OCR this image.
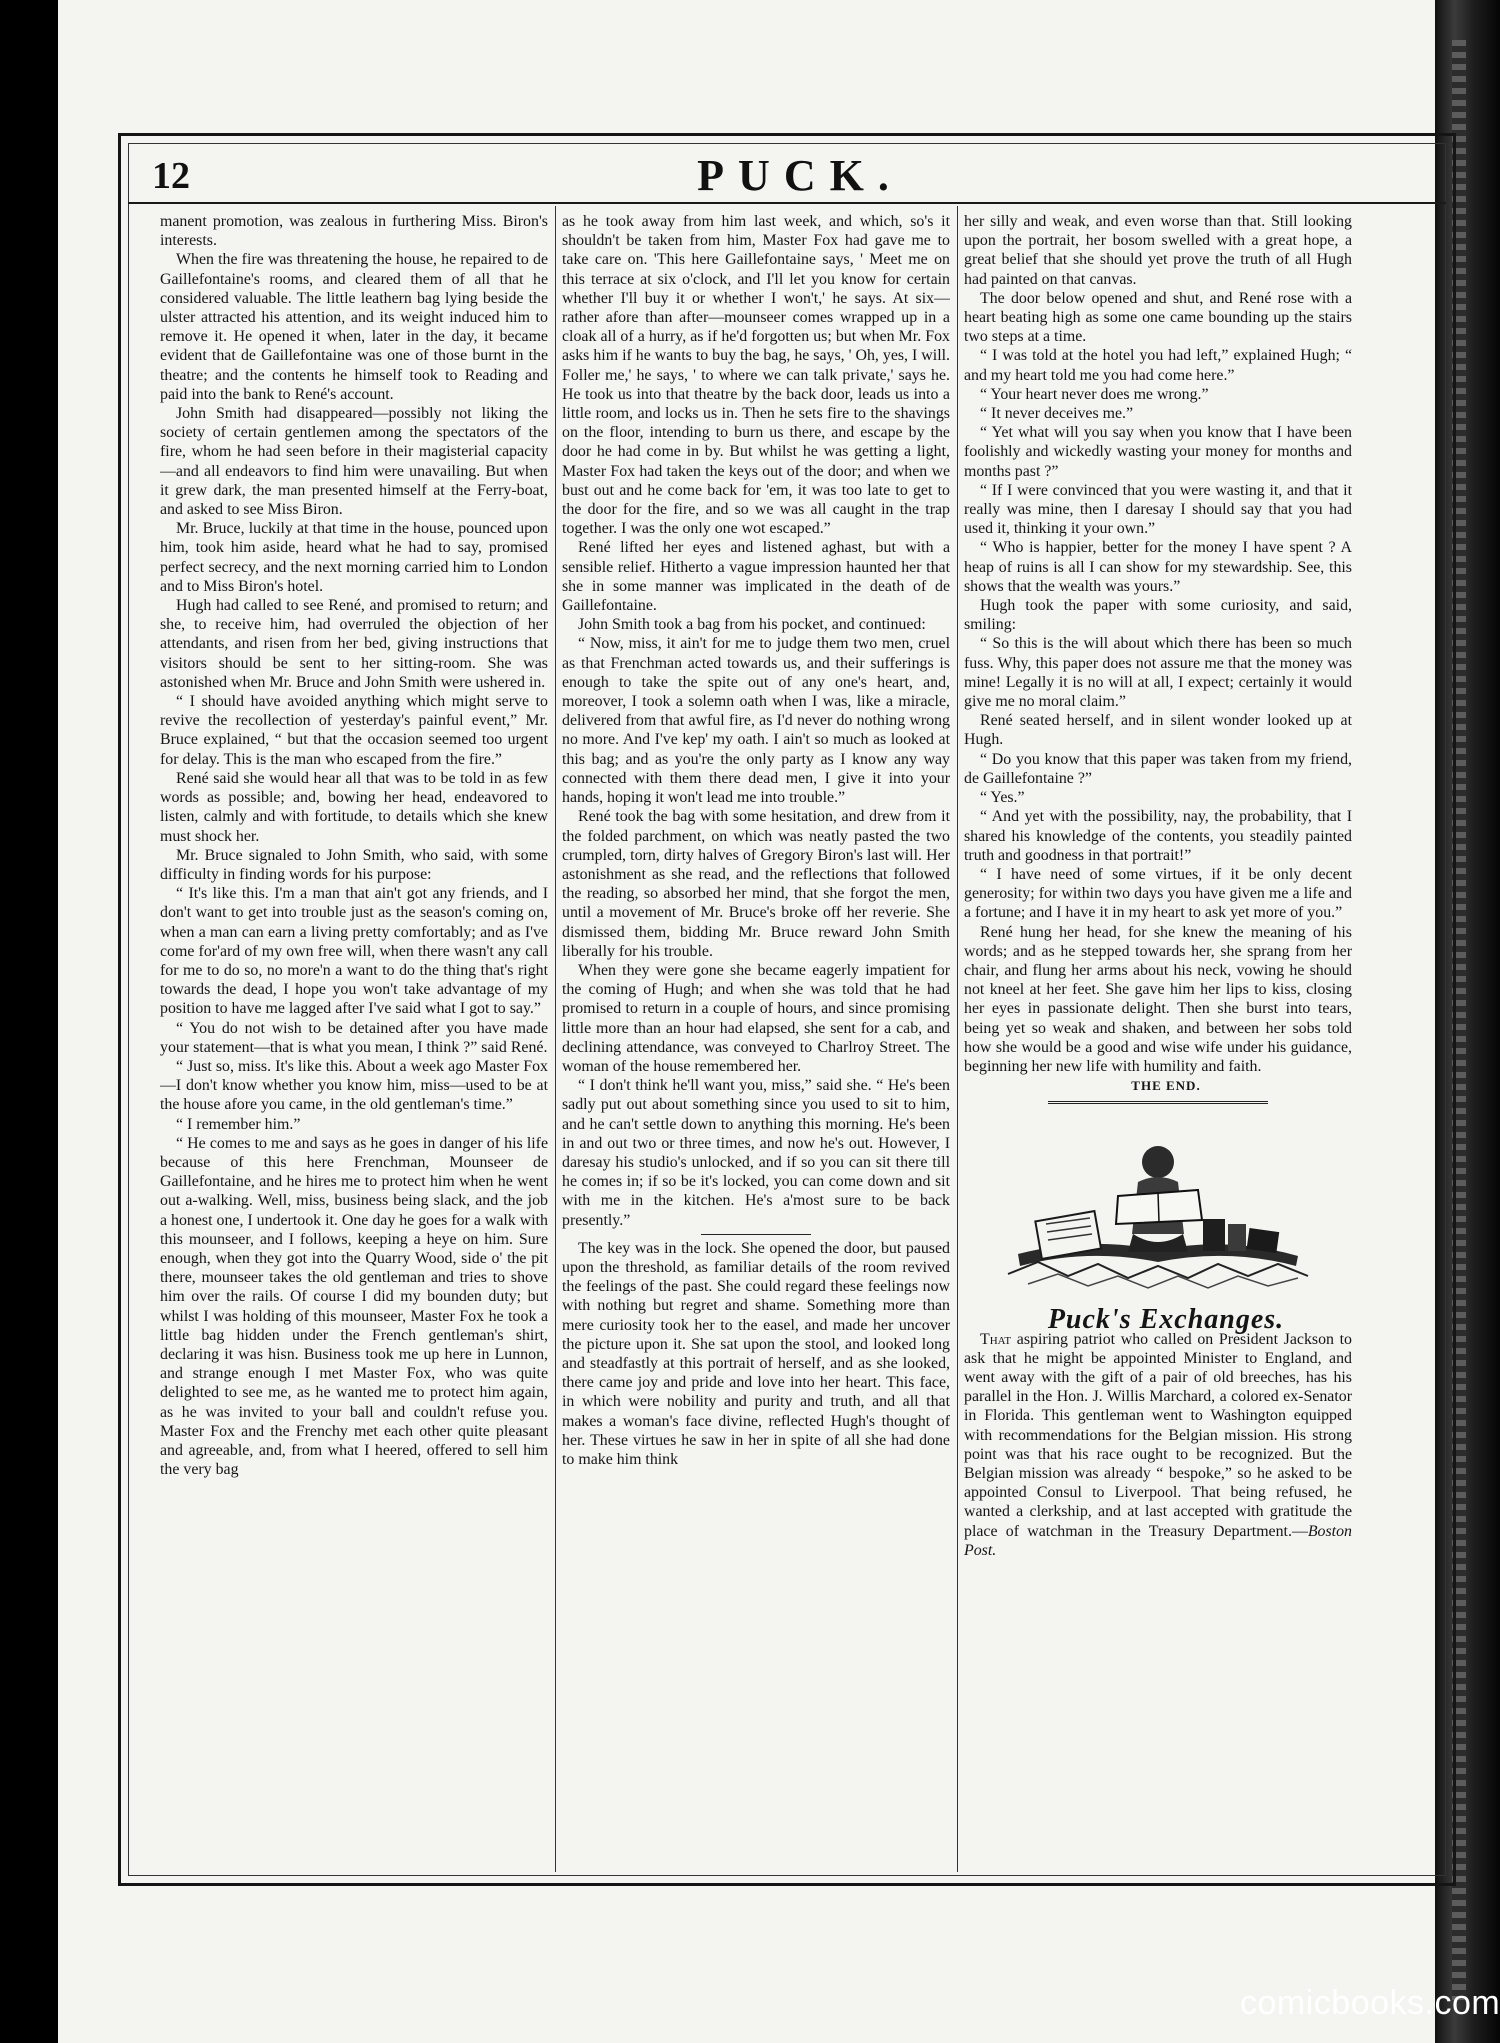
12	PUCK.

manent promotion, was zealous in furthering Miss. Biron's interests.

When the fire was threatening the house, he repaired to de Gaillefontaine's rooms, and cleared them of all that he considered valuable. The little leathern bag lying beside the ulster attracted his attention, and its weight induced him to remove it. He opened it when, later in the day, it became evident that de Gaillefontaine was one of those burnt in the theatre; and the contents he himself took to Reading and paid into the bank to René's account.

John Smith had disappeared—possibly not liking the society of certain gentlemen among the spectators of the fire, whom he had seen before in their magisterial capacity—and all endeavors to find him were unavailing. But when it grew dark, the man presented himself at the Ferry-boat, and asked to see Miss Biron.

Mr. Bruce, luckily at that time in the house, pounced upon him, took him aside, heard what he had to say, promised perfect secrecy, and the next morning carried him to London and to Miss Biron's hotel.

Hugh had called to see René, and promised to return; and she, to receive him, had overruled the objection of her attendants, and risen from her bed, giving instructions that visitors should be sent to her sitting-room. She was astonished when Mr. Bruce and John Smith were ushered in.

“ I should have avoided anything which might serve to revive the recollection of yesterday's painful event,” Mr. Bruce explained, “ but that the occasion seemed too urgent for delay. This is the man who escaped from the fire.”

René said she would hear all that was to be told in as few words as possible; and, bowing her head, endeavored to listen, calmly and with fortitude, to details which she knew must shock her.

Mr. Bruce signaled to John Smith, who said, with some difficulty in finding words for his purpose:

“ It's like this. I'm a man that ain't got any friends, and I don't want to get into trouble just as the season's coming on, when a man can earn a living pretty comfortably; and as I've come for'ard of my own free will, when there wasn't any call for me to do so, no more'n a want to do the thing that's right towards the dead, I hope you won't take advantage of my position to have me lagged after I've said what I got to say.”

“ You do not wish to be detained after you have made your statement—that is what you mean, I think ?” said René.

“ Just so, miss. It's like this. About a week ago Master Fox—I don't know whether you know him, miss—used to be at the house afore you came, in the old gentleman's time.”

“ I remember him.”

“ He comes to me and says as he goes in danger of his life because of this here Frenchman, Mounseer de Gaillefontaine, and he hires me to protect him when he went out a-walking. Well, miss, business being slack, and the job a honest one, I undertook it. One day he goes for a walk with this mounseer, and I follows, keeping a heye on him. Sure enough, when they got into the Quarry Wood, side o' the pit there, mounseer takes the old gentleman and tries to shove him over the rails. Of course I did my bounden duty; but whilst I was holding of this mounseer, Master Fox he took a little bag hidden under the French gentleman's shirt, declaring it was hisn. Business took me up here in Lunnon, and strange enough I met Master Fox, who was quite delighted to see me, as he wanted me to protect him again, as he was invited to your ball and couldn't refuse you. Master Fox and the Frenchy met each other quite pleasant and agreeable, and, from what I heered, offered to sell him the very bag

as he took away from him last week, and which, so's it shouldn't be taken from him, Master Fox had gave me to take care on. 'This here Gaillefontaine says, ' Meet me on this terrace at six o'clock, and I'll let you know for certain whether I'll buy it or whether I won't,' he says. At six—rather afore than after—mounseer comes wrapped up in a cloak all of a hurry, as if he'd forgotten us; but when Mr. Fox asks him if he wants to buy the bag, he says, ' Oh, yes, I will. Foller me,' he says, ' to where we can talk private,' says he. He took us into that theatre by the back door, leads us into a little room, and locks us in. Then he sets fire to the shavings on the floor, intending to burn us there, and escape by the door he had come in by. But whilst he was getting a light, Master Fox had taken the keys out of the door; and when we bust out and he come back for 'em, it was too late to get to the door for the fire, and so we was all caught in the trap together. I was the only one wot escaped.”

René lifted her eyes and listened aghast, but with a sensible relief. Hitherto a vague impression haunted her that she in some manner was implicated in the death of de Gaillefontaine.

John Smith took a bag from his pocket, and continued:

“ Now, miss, it ain't for me to judge them two men, cruel as that Frenchman acted towards us, and their sufferings is enough to take the spite out of any one's heart, and, moreover, I took a solemn oath when I was, like a miracle, delivered from that awful fire, as I'd never do nothing wrong no more. And I've kep' my oath. I ain't so much as looked at this bag; and as you're the only party as I know any way connected with them there dead men, I give it into your hands, hoping it won't lead me into trouble.”

René took the bag with some hesitation, and drew from it the folded parchment, on which was neatly pasted the two crumpled, torn, dirty halves of Gregory Biron's last will. Her astonishment as she read, and the reflections that followed the reading, so absorbed her mind, that she forgot the men, until a movement of Mr. Bruce's broke off her reverie. She dismissed them, bidding Mr. Bruce reward John Smith liberally for his trouble.

When they were gone she became eagerly impatient for the coming of Hugh; and when she was told that he had promised to return in a couple of hours, and since promising little more than an hour had elapsed, she sent for a cab, and declining attendance, was conveyed to Charlroy Street. The woman of the house remembered her.

“ I don't think he'll want you, miss,” said she. “ He's been sadly put out about something since you used to sit to him, and he can't settle down to anything this morning. He's been in and out two or three times, and now he's out. However, I daresay his studio's unlocked, and if so you can sit there till he comes in; if so be it's locked, you can come down and sit with me in the kitchen. He's a'most sure to be back presently.”

The key was in the lock. She opened the door, but paused upon the threshold, as familiar details of the room revived the feelings of the past. She could regard these feelings now with nothing but regret and shame. Something more than mere curiosity took her to the easel, and made her uncover the picture upon it. She sat upon the stool, and looked long and steadfastly at this portrait of herself, and as she looked, there came joy and pride and love into her heart. This face, in which were nobility and purity and truth, and all that makes a woman's face divine, reflected Hugh's thought of her. These virtues he saw in her in spite of all she had done to make him think

her silly and weak, and even worse than that. Still looking upon the portrait, her bosom swelled with a great hope, a great belief that she should yet prove the truth of all Hugh had painted on that canvas.

The door below opened and shut, and René rose with a heart beating high as some one came bounding up the stairs two steps at a time.

“ I was told at the hotel you had left,” explained Hugh; “ and my heart told me you had come here.”

“ Your heart never does me wrong.”

“ It never deceives me.”

“ Yet what will you say when you know that I have been foolishly and wickedly wasting your money for months and months past ?”

“ If I were convinced that you were wasting it, and that it really was mine, then I daresay I should say that you had used it, thinking it your own.”

“ Who is happier, better for the money I have spent ? A heap of ruins is all I can show for my stewardship. See, this shows that the wealth was yours.”

Hugh took the paper with some curiosity, and said, smiling:

“ So this is the will about which there has been so much fuss. Why, this paper does not assure me that the money was mine! Legally it is no will at all, I expect; certainly it would give me no moral claim.”

René seated herself, and in silent wonder looked up at Hugh.

“ Do you know that this paper was taken from my friend, de Gaillefontaine ?”

“ Yes.”

“ And yet with the possibility, nay, the probability, that I shared his knowledge of the contents, you steadily painted truth and goodness in that portrait!”

“ I have need of some virtues, if it be only decent generosity; for within two days you have given me a life and a fortune; and I have it in my heart to ask yet more of you.”

René hung her head, for she knew the meaning of his words; and as he stepped towards her, she sprang from her chair, and flung her arms about his neck, vowing he should not kneel at her feet. She gave him her lips to kiss, closing her eyes in passionate delight. Then she burst into tears, being yet so weak and shaken, and between her sobs told how she would be a good and wise wife under his guidance, beginning her new life with humility and faith.

THE END.

Puck's Exchanges.

That aspiring patriot who called on President Jackson to ask that he might be appointed Minister to England, and went away with the gift of a pair of old breeches, has his parallel in the Hon. J. Willis Marchard, a colored ex-Senator in Florida. This gentleman went to Washington equipped with recommendations for the Belgian mission. His strong point was that his race ought to be recognized. But the Belgian mission was already “ bespoke,” so he asked to be appointed Consul to Liverpool. That being refused, he wanted a clerkship, and at last accepted with gratitude the place of watchman in the Treasury Department.—Boston Post.

comicbooks.com
